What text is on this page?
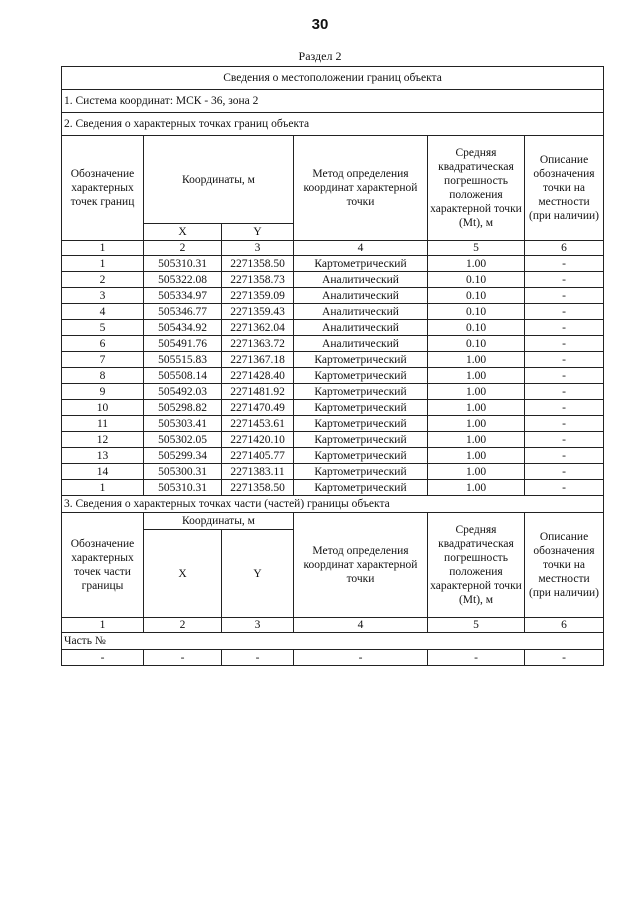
30
Раздел 2
Сведения о местоположении границ объекта					
1. Система координат: МСК - 36, зона 2					
2. Сведения о характерных точках границ объекта					
Обозначение характерных точек границ	Координаты, м		Метод определения координат характерной точки	Средняя квадратическая погрешность положения характерной точки (Mt), м	Описание обозначения точки на местности (при наличии)
	X	Y			
1	2	3	4	5	6
1	505310.31	2271358.50	Картометрический	1.00	-
2	505322.08	2271358.73	Аналитический	0.10	-
3	505334.97	2271359.09	Аналитический	0.10	-
4	505346.77	2271359.43	Аналитический	0.10	-
5	505434.92	2271362.04	Аналитический	0.10	-
6	505491.76	2271363.72	Аналитический	0.10	-
7	505515.83	2271367.18	Картометрический	1.00	-
8	505508.14	2271428.40	Картометрический	1.00	-
9	505492.03	2271481.92	Картометрический	1.00	-
10	505298.82	2271470.49	Картометрический	1.00	-
11	505303.41	2271453.61	Картометрический	1.00	-
12	505302.05	2271420.10	Картометрический	1.00	-
13	505299.34	2271405.77	Картометрический	1.00	-
14	505300.31	2271383.11	Картометрический	1.00	-
1	505310.31	2271358.50	Картометрический	1.00	-
3. Сведения о характерных точках части (частей) границы объекта					
Обозначение характерных точек части границы	Координаты, м		Метод определения координат характерной точки	Средняя квадратическая погрешность положения характерной точки (Mt), м	Описание обозначения точки на местности (при наличии)
	X	Y			
1	2	3	4	5	6
Часть №					
-	-	-	-	-	-
